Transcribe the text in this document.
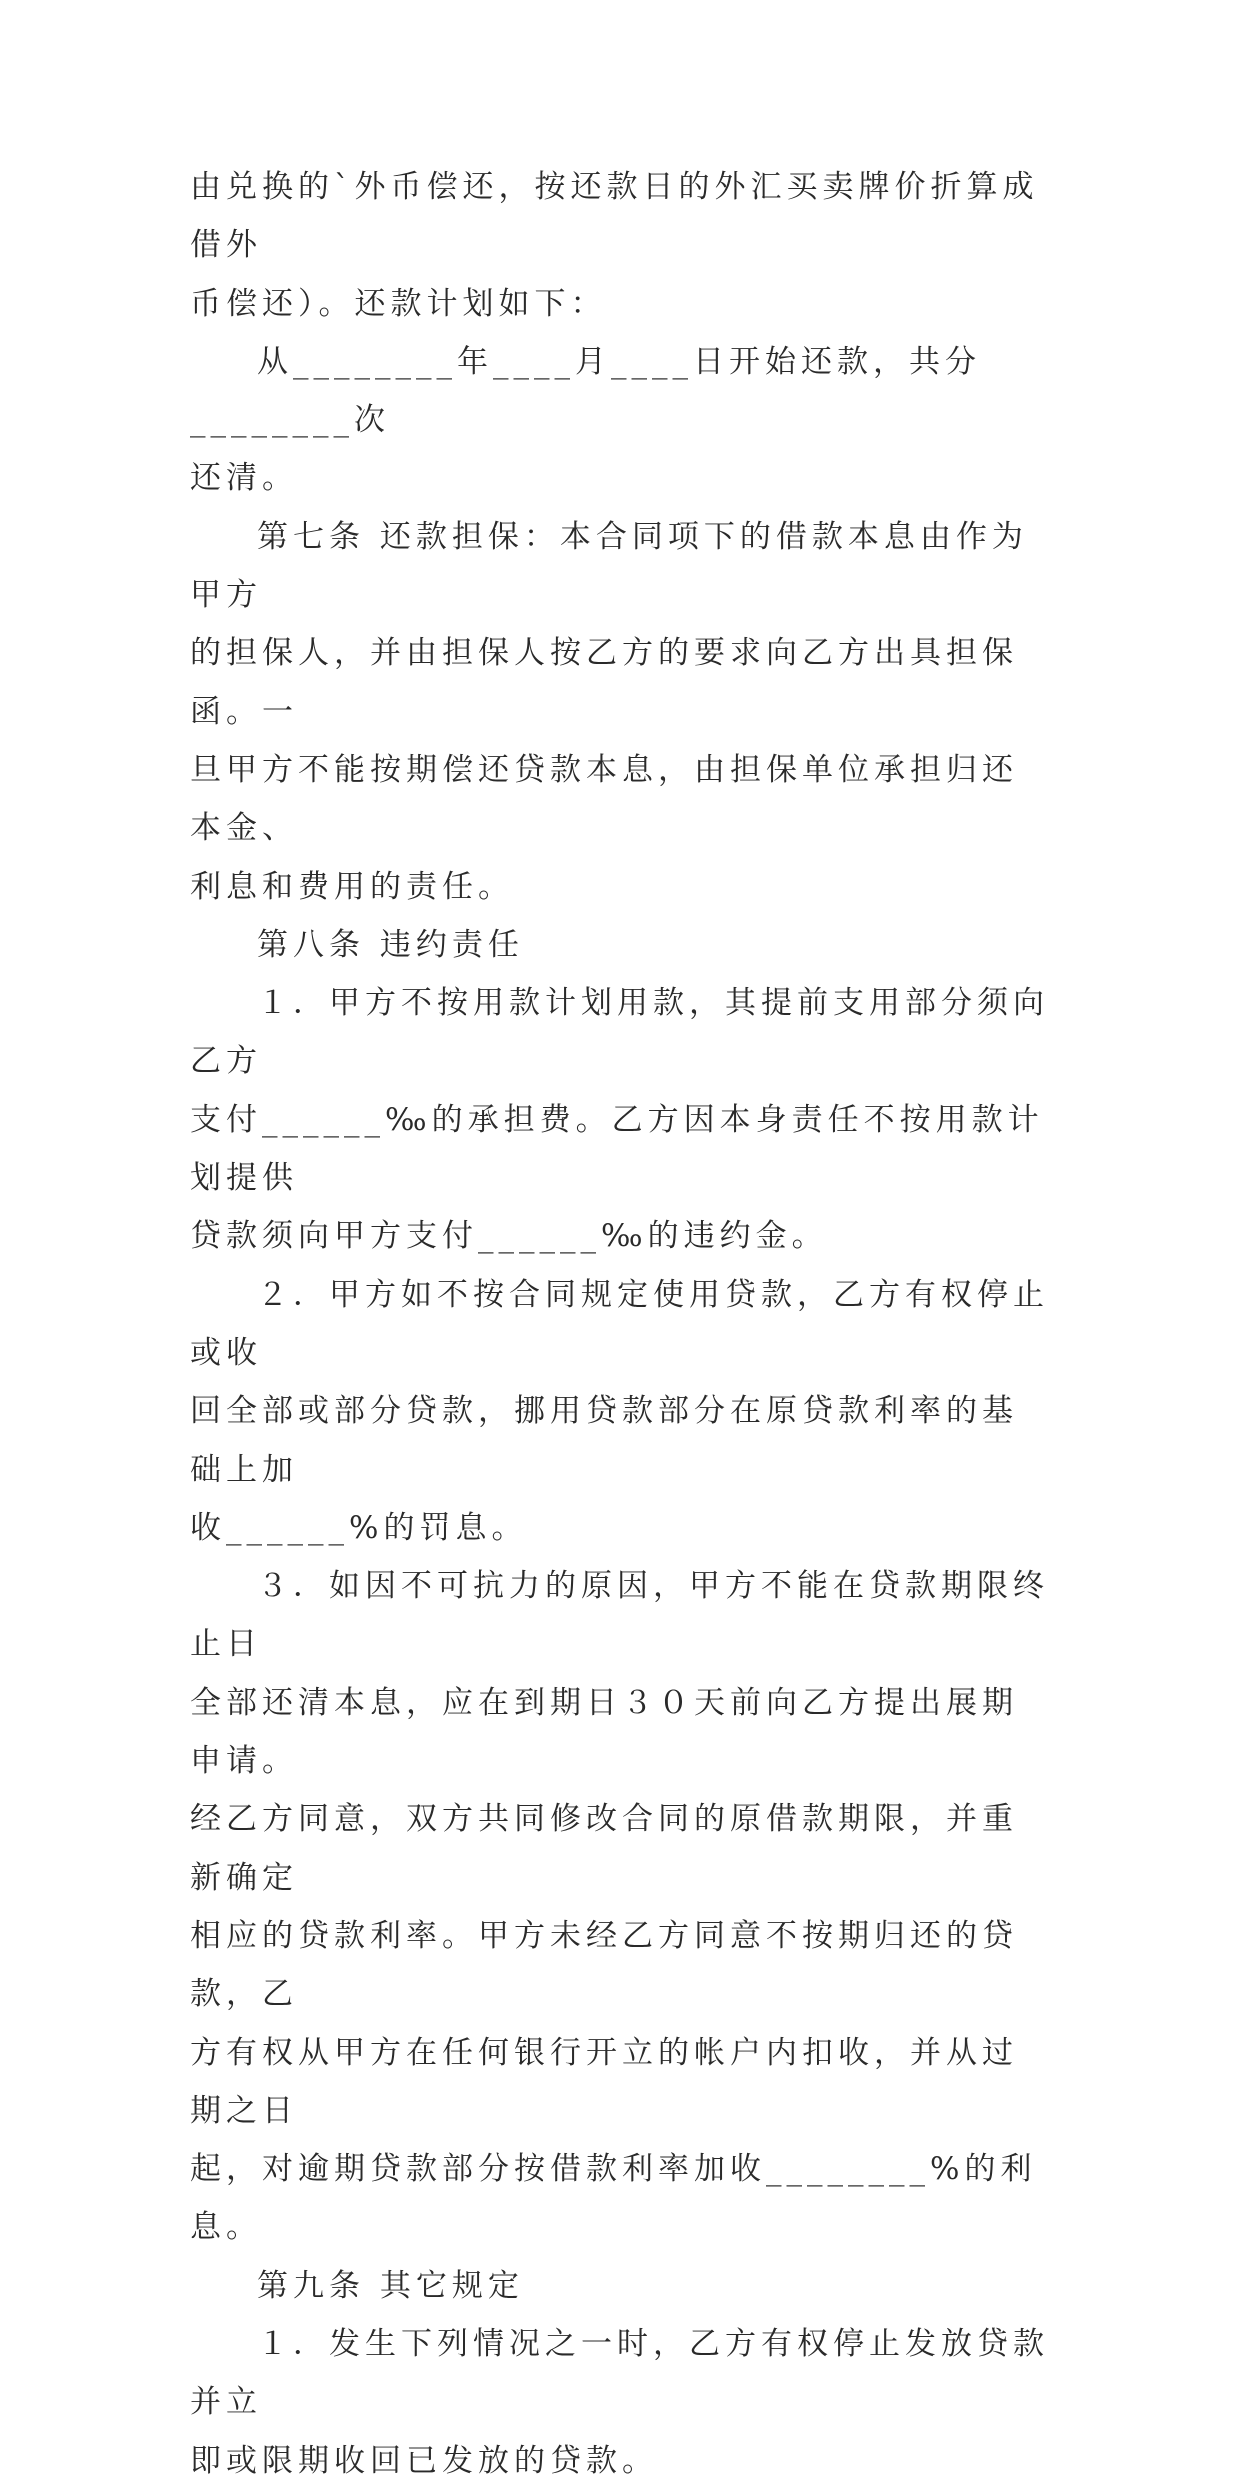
由兑换的`外币偿还，按还款日的外汇买卖牌价折算成借外
币偿还）。还款计划如下：
从________年____月____日开始还款，共分________次
还清。
第七条 还款担保：本合同项下的借款本息由作为甲方
的担保人，并由担保人按乙方的要求向乙方出具担保函。一
旦甲方不能按期偿还贷款本息，由担保单位承担归还本金、
利息和费用的责任。
第八条 违约责任
１．甲方不按用款计划用款，其提前支用部分须向乙方
支付______‰的承担费。乙方因本身责任不按用款计划提供
贷款须向甲方支付______‰的违约金。
２．甲方如不按合同规定使用贷款，乙方有权停止或收
回全部或部分贷款，挪用贷款部分在原贷款利率的基础上加
收______%的罚息。
３．如因不可抗力的原因，甲方不能在贷款期限终止日
全部还清本息，应在到期日３０天前向乙方提出展期申请。
经乙方同意，双方共同修改合同的原借款期限，并重新确定
相应的贷款利率。甲方未经乙方同意不按期归还的贷款，乙
方有权从甲方在任何银行开立的帐户内扣收，并从过期之日
起，对逾期贷款部分按借款利率加收________%的利息。
第九条 其它规定
１．发生下列情况之一时，乙方有权停止发放贷款并立
即或限期收回已发放的贷款。
